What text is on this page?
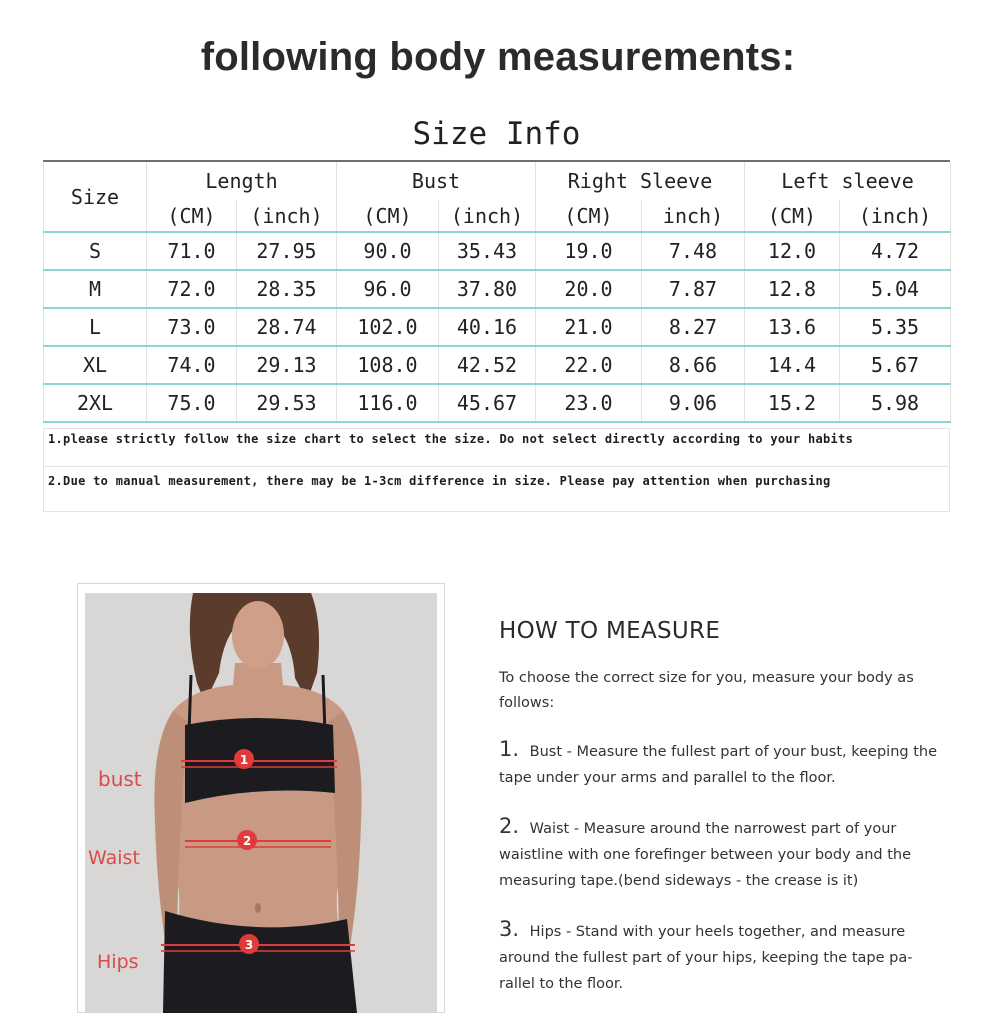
following body measurements:
Size Info
Size	Length		Bust		Right Sleeve		Left sleeve	
	(CM)	(inch)	(CM)	(inch)	(CM)	inch)	(CM)	(inch)
S	71.0	27.95	90.0	35.43	19.0	7.48	12.0	4.72
M	72.0	28.35	96.0	37.80	20.0	7.87	12.8	5.04
L	73.0	28.74	102.0	40.16	21.0	8.27	13.6	5.35
XL	74.0	29.13	108.0	42.52	22.0	8.66	14.4	5.67
2XL	75.0	29.53	116.0	45.67	23.0	9.06	15.2	5.98
1.please strictly follow the size chart to select the size. Do not select directly according to your habits
2.Due to manual measurement, there may be 1-3cm difference in size. Please pay attention when purchasing
1
2
3
bust
Waist
Hips
HOW TO MEASURE
To choose the correct size for you, measure your body as follows:
1. Bust - Measure the fullest part of your bust, keeping the tape under your arms and parallel to the floor.
2. Waist - Measure around the narrowest part of your waistline with one forefinger between your body and the measuring tape.(bend sideways - the crease is it)
3. Hips - Stand with your heels together, and measure around the fullest part of your hips, keeping the tape pa-rallel to the floor.
